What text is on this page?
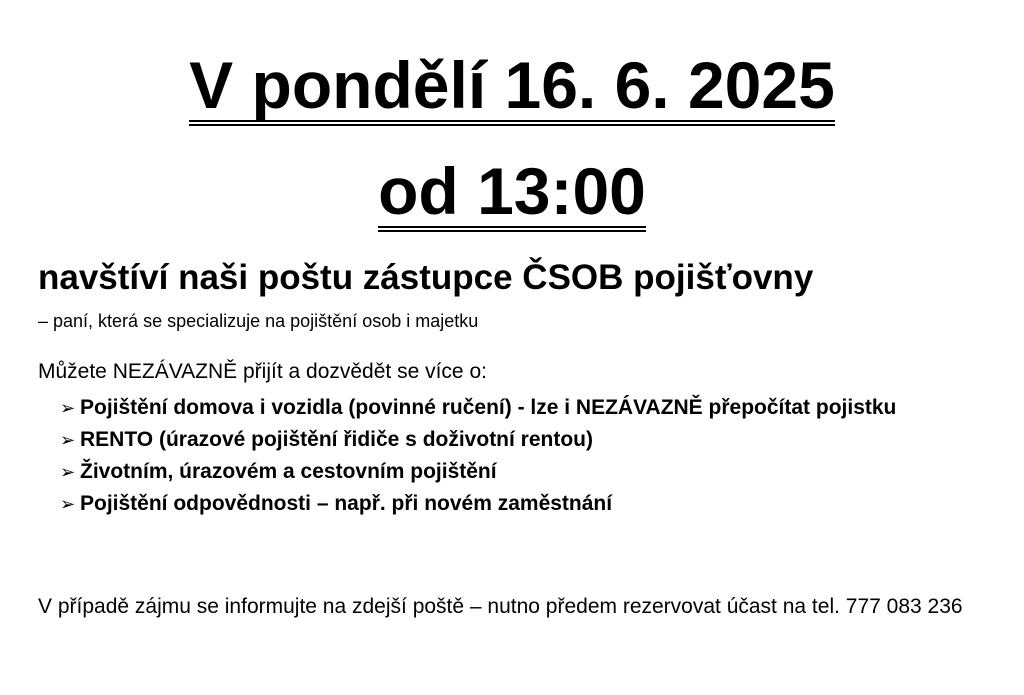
V pondělí 16. 6. 2025
od 13:00
navštíví naši poštu zástupce ČSOB pojišťovny
– paní, která se specializuje na pojištění osob i majetku
Můžete NEZÁVAZNĚ přijít a dozvědět se více o:
➢ Pojištění domova i vozidla (povinné ručení) - lze i NEZÁVAZNĚ přepočítat pojistku
➢ RENTO (úrazové pojištění řidiče s doživotní rentou)
➢ Životním, úrazovém a cestovním pojištění
➢ Pojištění odpovědnosti – např. při novém zaměstnání
V případě zájmu se informujte na zdejší poště – nutno předem rezervovat účast na tel. 777 083 236
